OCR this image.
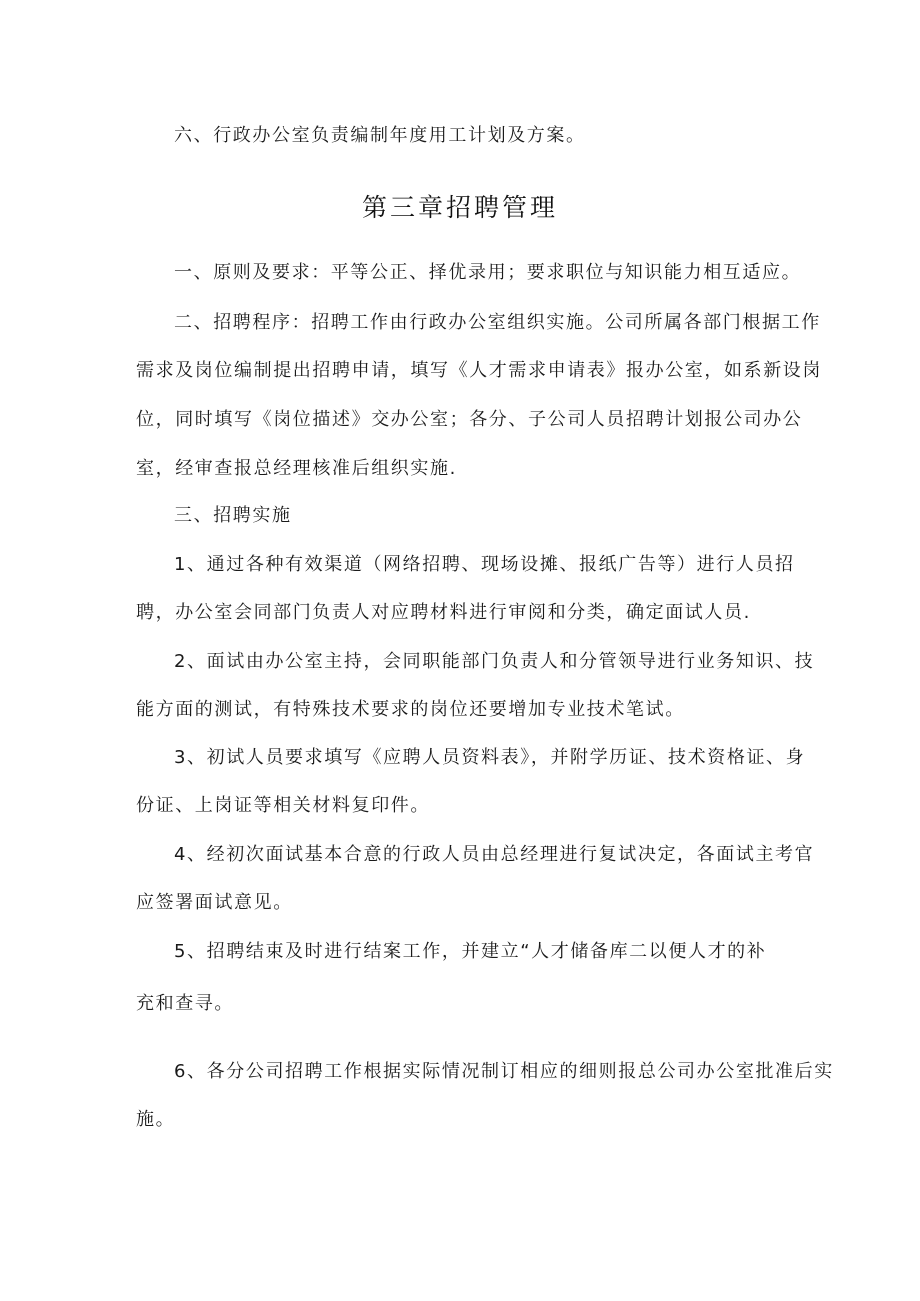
六、行政办公室负责编制年度用工计划及方案。
第三章招聘管理
一、原则及要求：平等公正、择优录用；要求职位与知识能力相互适应。
二、招聘程序：招聘工作由行政办公室组织实施。公司所属各部门根据工作
需求及岗位编制提出招聘申请，填写《人才需求申请表》报办公室，如系新设岗
位，同时填写《岗位描述》交办公室；各分、子公司人员招聘计划报公司办公
室，经审查报总经理核准后组织实施.
三、招聘实施
1、通过各种有效渠道（网络招聘、现场设摊、报纸广告等）进行人员招
聘，办公室会同部门负责人对应聘材料进行审阅和分类，确定面试人员.
2、面试由办公室主持，会同职能部门负责人和分管领导进行业务知识、技
能方面的测试，有特殊技术要求的岗位还要增加专业技术笔试。
3、初试人员要求填写《应聘人员资料表》，并附学历证、技术资格证、身
份证、上岗证等相关材料复印件。
4、经初次面试基本合意的行政人员由总经理进行复试决定，各面试主考官
应签署面试意见。
5、招聘结束及时进行结案工作，并建立“人才储备库二以便人才的补
充和查寻。
6、各分公司招聘工作根据实际情况制订相应的细则报总公司办公室批准后实
施。
